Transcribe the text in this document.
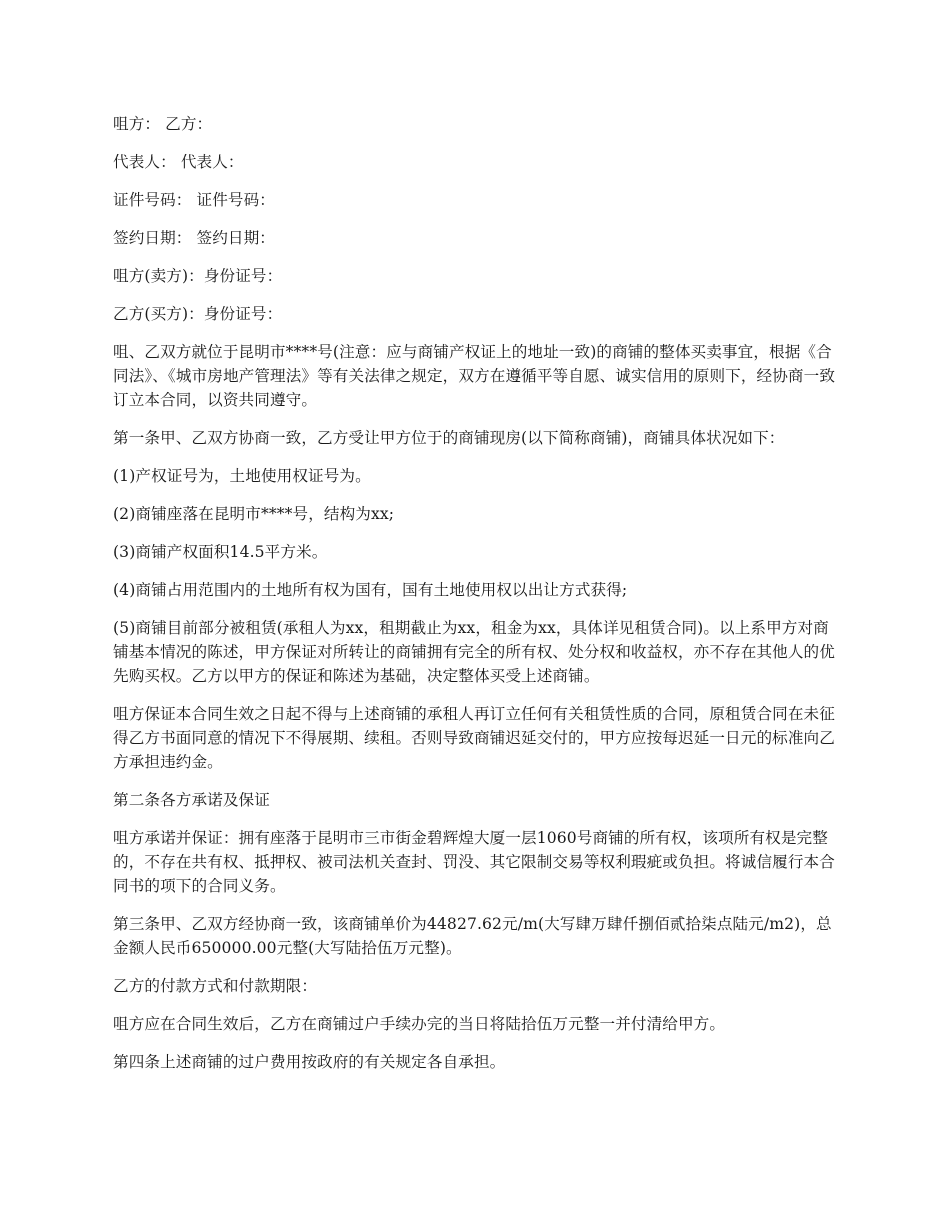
咀方： 乙方：

代表人： 代表人：

证件号码： 证件号码：

签约日期： 签约日期：

咀方(卖方)：身份证号：

乙方(买方)：身份证号：

咀、乙双方就位于昆明市****号(注意：应与商铺产权证上的地址一致)的商铺的整体买卖事宜，根据《合同法》、《城市房地产管理法》等有关法律之规定，双方在遵循平等自愿、诚实信用的原则下，经协商一致订立本合同，以资共同遵守。

第一条甲、乙双方协商一致，乙方受让甲方位于的商铺现房(以下简称商铺)，商铺具体状况如下：

(1)产权证号为，土地使用权证号为。

(2)商铺座落在昆明市****号，结构为xx;

(3)商铺产权面积14.5平方米。

(4)商铺占用范围内的土地所有权为国有，国有土地使用权以出让方式获得;

(5)商铺目前部分被租赁(承租人为xx，租期截止为xx，租金为xx，具体详见租赁合同)。以上系甲方对商铺基本情况的陈述，甲方保证对所转让的商铺拥有完全的所有权、处分权和收益权，亦不存在其他人的优先购买权。乙方以甲方的保证和陈述为基础，决定整体买受上述商铺。

咀方保证本合同生效之日起不得与上述商铺的承租人再订立任何有关租赁性质的合同，原租赁合同在未征得乙方书面同意的情况下不得展期、续租。否则导致商铺迟延交付的，甲方应按每迟延一日元的标准向乙方承担违约金。

第二条各方承诺及保证

咀方承诺并保证：拥有座落于昆明市三市街金碧辉煌大厦一层1060号商铺的所有权，该项所有权是完整的，不存在共有权、抵押权、被司法机关查封、罚没、其它限制交易等权利瑕疵或负担。将诚信履行本合同书的项下的合同义务。

第三条甲、乙双方经协商一致，该商铺单价为44827.62元/m(大写肆万肆仟捌佰贰拾柒点陆元/m2)，总金额人民币650000.00元整(大写陆拾伍万元整)。

乙方的付款方式和付款期限：

咀方应在合同生效后，乙方在商铺过户手续办完的当日将陆拾伍万元整一并付清给甲方。

第四条上述商铺的过户费用按政府的有关规定各自承担。
